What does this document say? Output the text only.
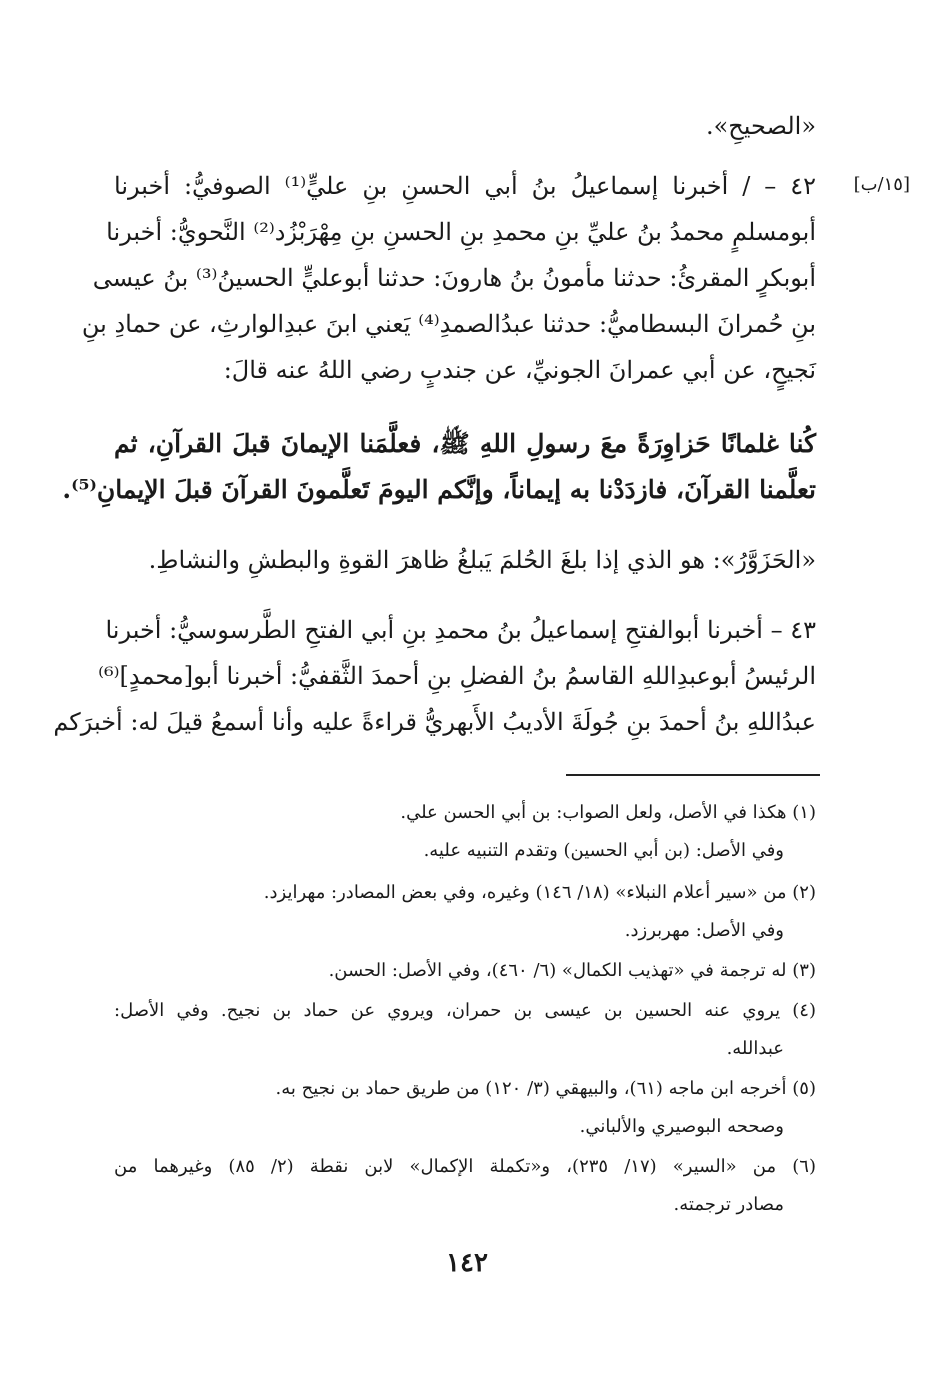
[١٥/ب]
«الصحيحِ».
٤٢ – / أخبرنا إسماعيلُ بنُ أبي الحسنِ بنِ عليٍّ⁽¹⁾ الصوفيُّ: أخبرنا
أبومسلمٍ محمدُ بنُ عليِّ بنِ محمدِ بنِ الحسنِ بنِ مِهْرَبْزُد⁽²⁾ النَّحويُّ: أخبرنا
أبوبكرٍ المقرئُ: حدثنا مأمونُ بنُ هارونَ: حدثنا أبوعليٍّ الحسينُ⁽³⁾ بنُ عيسى
بنِ حُمرانَ البسطاميُّ: حدثنا عبدُالصمدِ⁽⁴⁾ يَعني ابنَ عبدِالوارثِ، عن حمادِ بنِ
نَجيحٍ، عن أبي عمرانَ الجونيِّ، عن جندبٍ رضي اللهُ عنه قالَ:
كُنا غلمانًا حَزاوِرَةً معَ رسولِ اللهِ ﷺ، فعلَّمَنا الإيمانَ قبلَ القرآنِ، ثم
تعلَّمنا القرآنَ، فازدَدْنا به إيماناً، وإنَّكم اليومَ تَعلَّمونَ القرآنَ قبلَ الإيمانِ⁽⁵⁾.
«الحَزَوَّرُ»: هو الذي إذا بلغَ الحُلمَ يَبلغُ ظاهرَ القوةِ والبطشِ والنشاطِ.
٤٣ – أخبرنا أبوالفتحِ إسماعيلُ بنُ محمدِ بنِ أبي الفتحِ الطَّرسوسيُّ: أخبرنا
الرئيسُ أبوعبدِاللهِ القاسمُ بنُ الفضلِ بنِ أحمدَ الثَّقفيُّ: أخبرنا أبو[محمدٍ]⁽⁶⁾
عبدُاللهِ بنُ أحمدَ بنِ جُولَةَ الأديبُ الأَبهريُّ قراءةً عليه وأنا أسمعُ قيلَ له: أخبرَكم
(١) هكذا في الأصل، ولعل الصواب: بن أبي الحسن علي.
وفي الأصل: (بن أبي الحسين) وتقدم التنبيه عليه.
(٢) من «سير أعلام النبلاء» (١٨/ ١٤٦) وغيره، وفي بعض المصادر: مهرايزد.
وفي الأصل: مهربرزد.
(٣) له ترجمة في «تهذيب الكمال» (٦/ ٤٦٠)، وفي الأصل: الحسن.
(٤) يروي عنه الحسين بن عيسى بن حمران، ويروي عن حماد بن نجيح. وفي الأصل:
عبدالله.
(٥) أخرجه ابن ماجه (٦١)، والبيهقي (٣/ ١٢٠) من طريق حماد بن نجيح به.
وصححه البوصيري والألباني.
(٦) من «السير» (١٧/ ٢٣٥)، و«تكملة الإكمال» لابن نقطة (٢/ ٨٥) وغيرهما من
مصادر ترجمته.
١٤٢
